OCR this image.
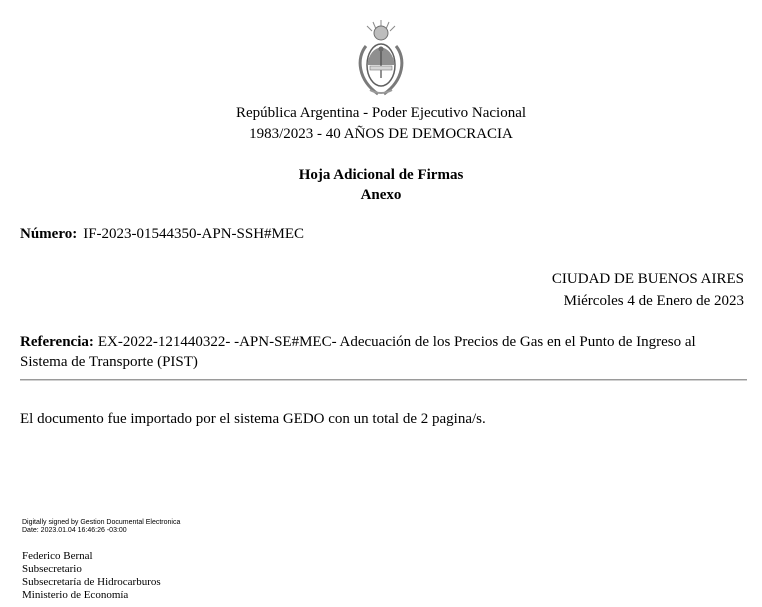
República Argentina - Poder Ejecutivo Nacional
1983/2023 - 40 AÑOS DE DEMOCRACIA
Hoja Adicional de Firmas
Anexo
Número: IF-2023-01544350-APN-SSH#MEC
CIUDAD DE BUENOS AIRES
Miércoles 4 de Enero de 2023
Referencia: EX-2022-121440322- -APN-SE#MEC- Adecuación de los Precios de Gas en el Punto de Ingreso al Sistema de Transporte (PIST)
El documento fue importado por el sistema GEDO con un total de 2 pagina/s.
Digitally signed by Gestion Documental Electronica
Date: 2023.01.04 16:46:26 -03:00
Federico Bernal
Subsecretario
Subsecretaría de Hidrocarburos
Ministerio de Economía
